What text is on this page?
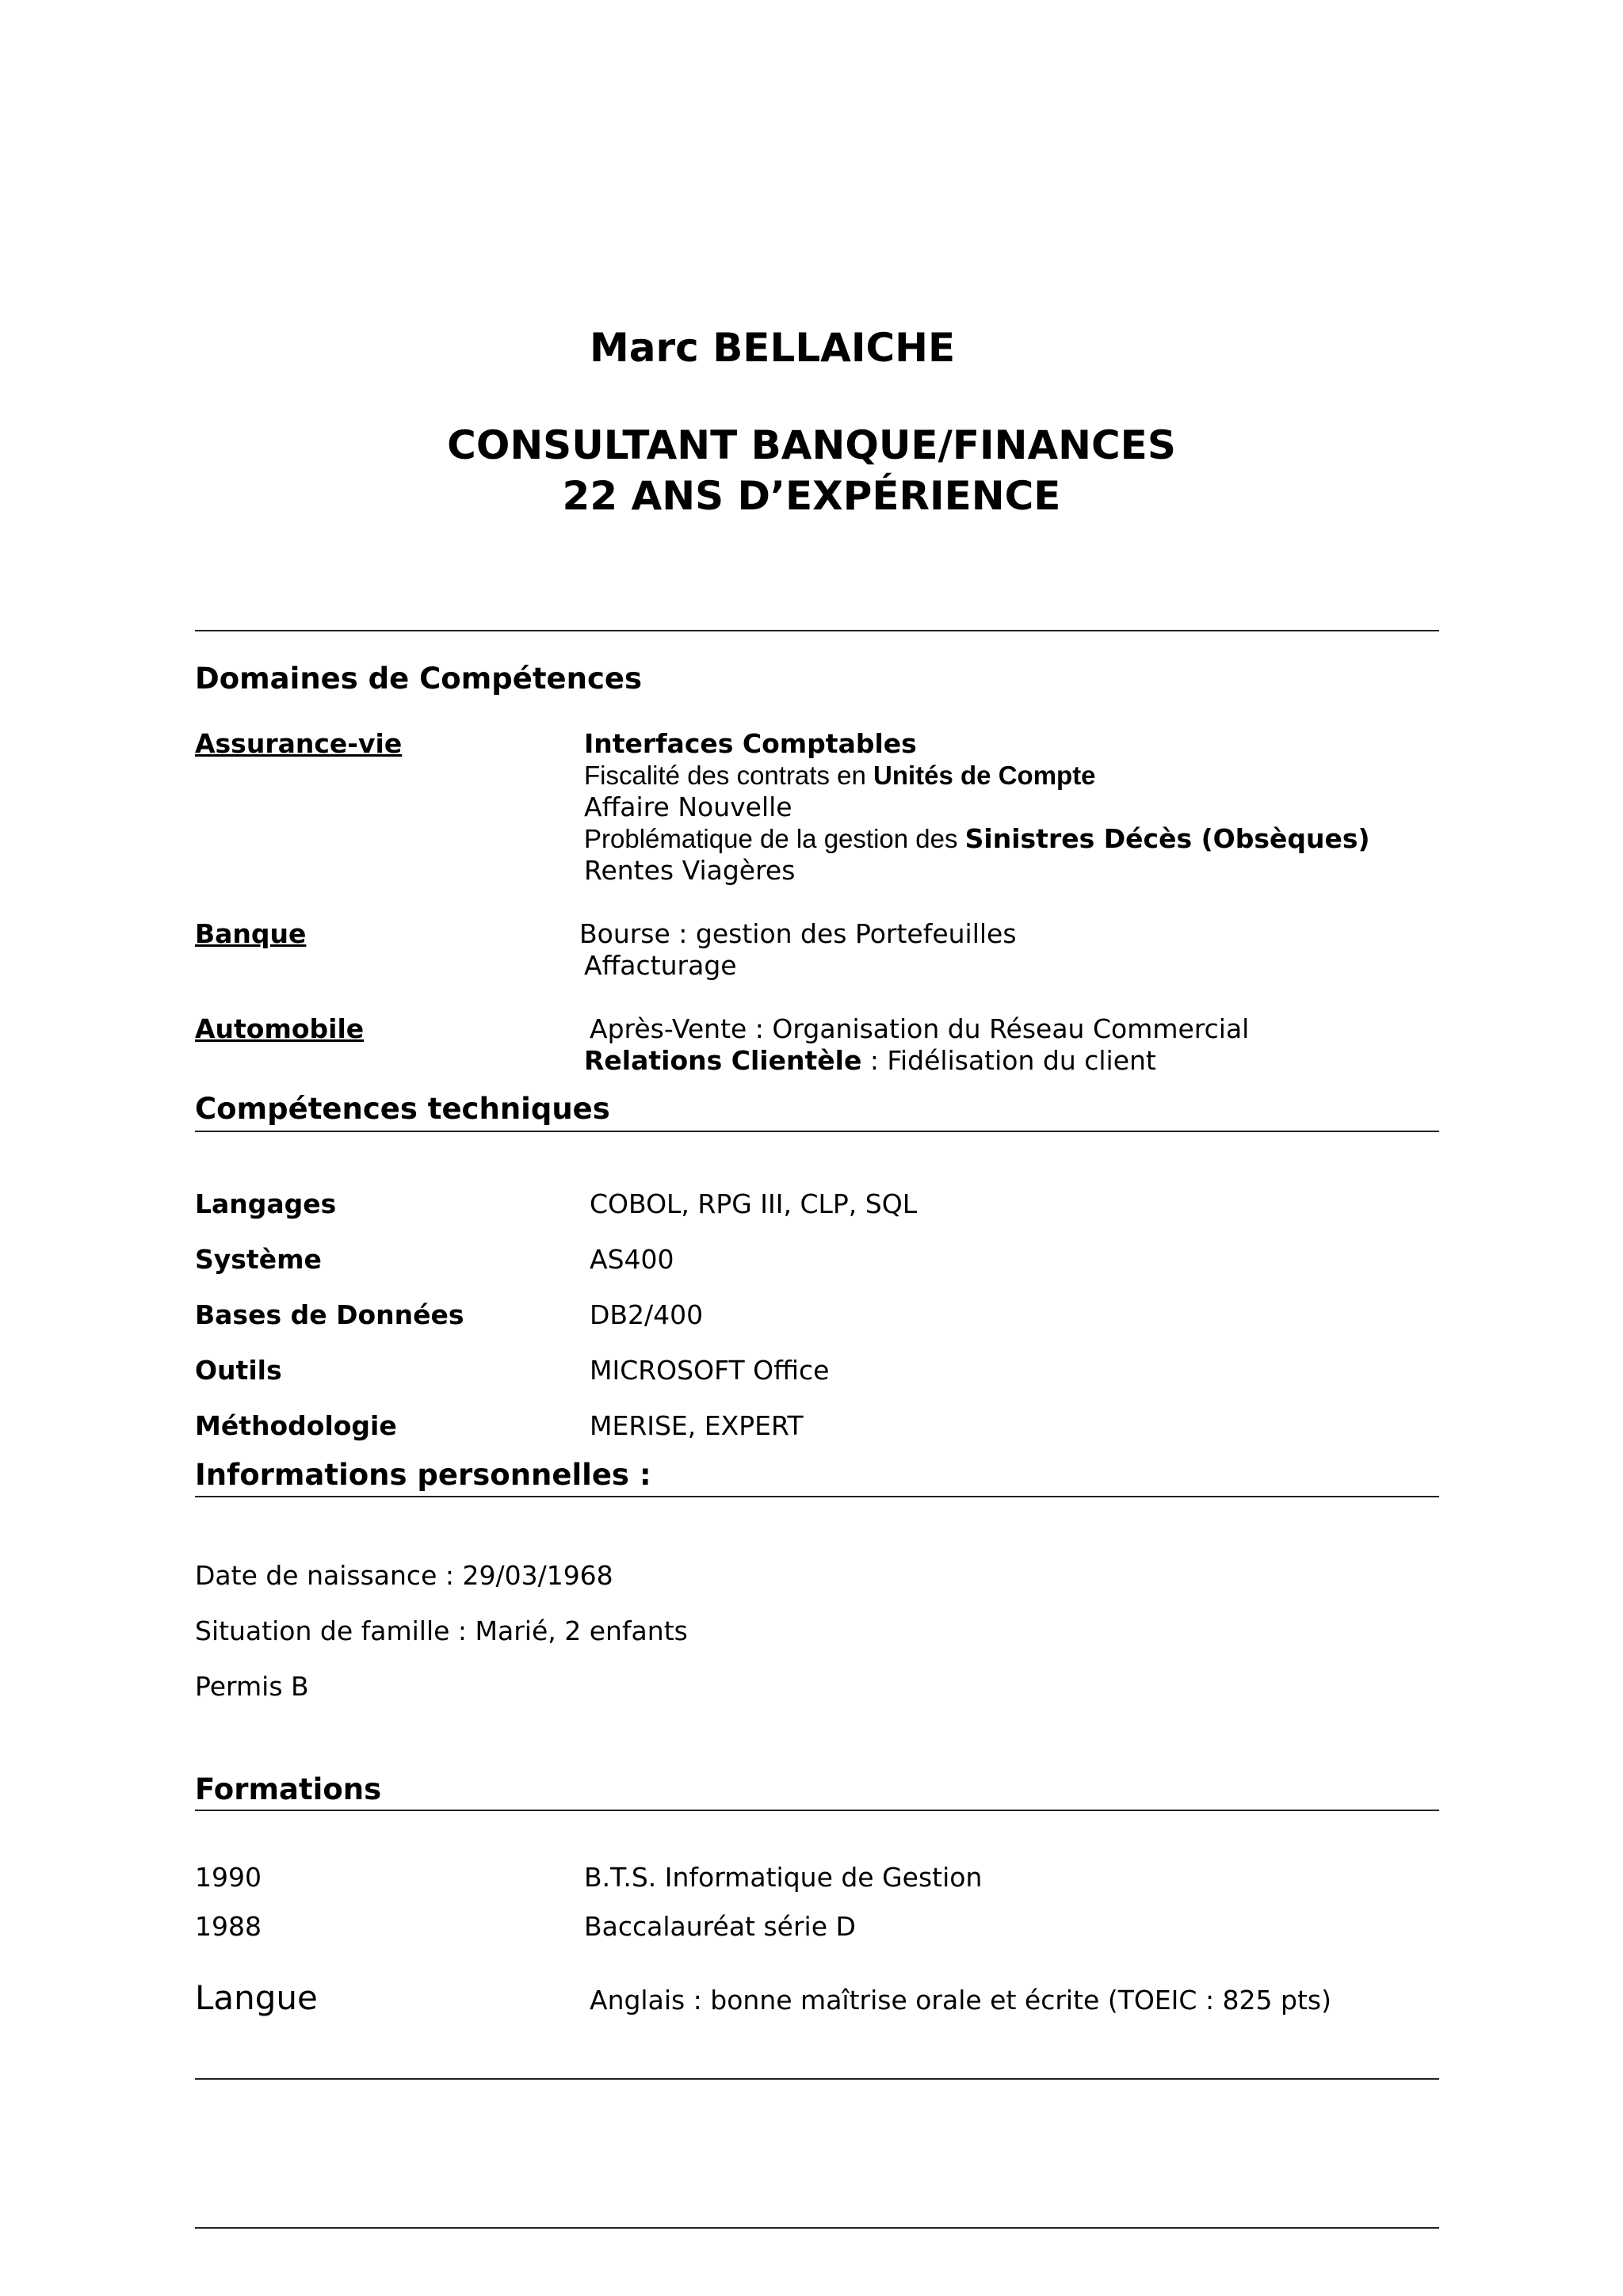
Marc BELLAICHE
CONSULTANT BANQUE/FINANCES
22 ANS D’EXPÉRIENCE
Domaines de Compétences
Assurance-vie	Interfaces Comptables
Fiscalité des contrats en Unités de Compte
Affaire Nouvelle
Problématique de la gestion des Sinistres Décès (Obsèques)
Rentes Viagères
Banque	Bourse : gestion des Portefeuilles
Affacturage
Automobile	Après-Vente : Organisation du Réseau Commercial
Relations Clientèle : Fidélisation du client
Compétences techniques
Langages	COBOL, RPG III, CLP, SQL
Système	AS400
Bases de Données	DB2/400
Outils	MICROSOFT Office
Méthodologie	MERISE, EXPERT
Informations personnelles :
Date de naissance : 29/03/1968
Situation de famille : Marié, 2 enfants
Permis B
Formations
1990	B.T.S. Informatique de Gestion
1988	Baccalauréat série D
Langue	Anglais : bonne maîtrise orale et écrite (TOEIC : 825 pts)
